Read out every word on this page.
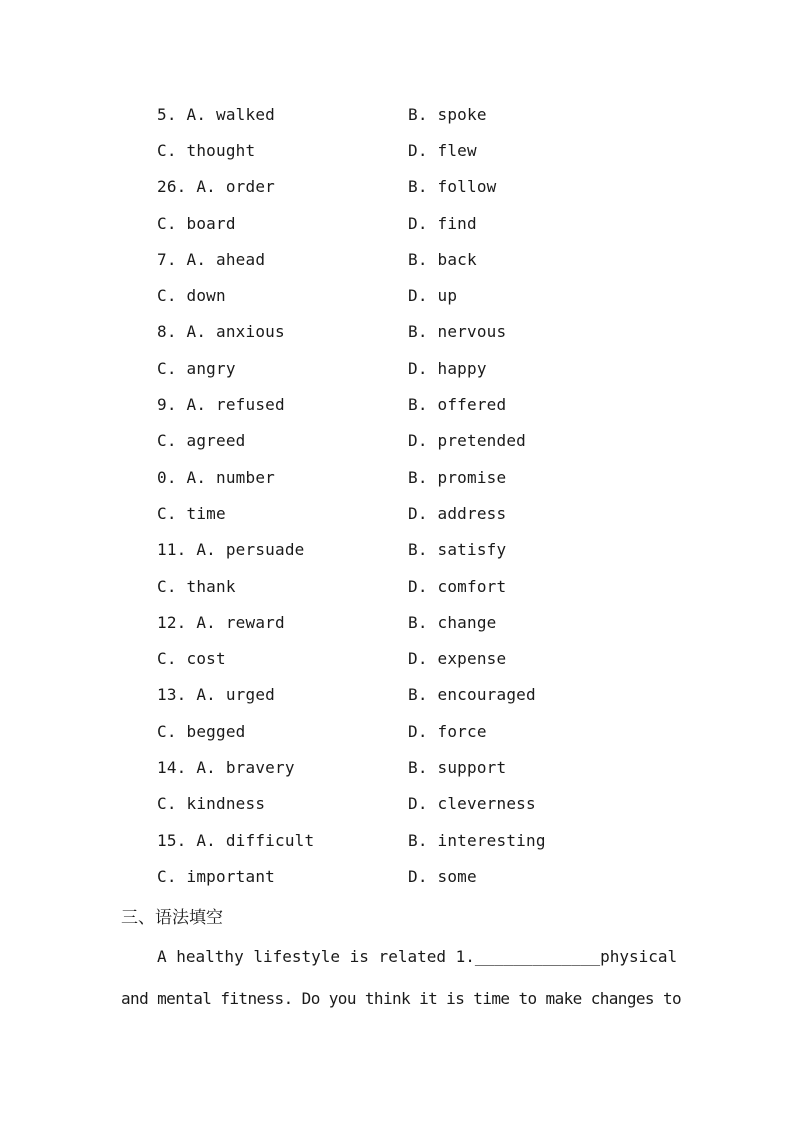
5. A. walked	B. spoke
C. thought	D. flew
26. A. order	B. follow
C. board	D. find
7. A. ahead	B. back
C. down	D. up
8. A. anxious	B. nervous
C. angry	D. happy
9. A. refused	B. offered
C. agreed	D. pretended
0. A. number	B. promise
C. time	D. address
11. A. persuade	B. satisfy
C. thank	D. comfort
12. A. reward	B. change
C. cost	D. expense
13. A. urged	B. encouraged
C. begged	D. force
14. A. bravery	B. support
C. kindness	D. cleverness
15. A. difficult	B. interesting
C. important	D. some
三、语法填空
A healthy lifestyle is related 1. _____________ physical
and mental fitness. Do you think it is time to make changes to
